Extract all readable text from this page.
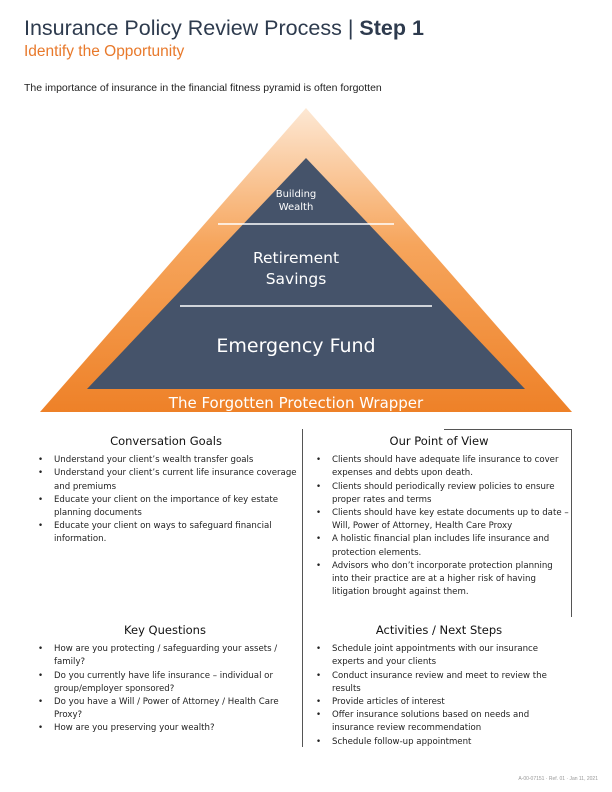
Insurance Policy Review Process | Step 1
Identify the Opportunity
The importance of insurance in the financial fitness pyramid is often forgotten
Building
Wealth
Retirement
Savings
Emergency Fund
The Forgotten Protection Wrapper
Conversation Goals
• Understand your client’s wealth transfer goals
• Understand your client’s current life insurance coverage and premiums
• Educate your client on the importance of key estate planning documents
• Educate your client on ways to safeguard financial information.
Our Point of View
• Clients should have adequate life insurance to cover expenses and debts upon death.
• Clients should periodically review policies to ensure proper rates and terms
• Clients should have key estate documents up to date – Will, Power of Attorney, Health Care Proxy
• A holistic financial plan includes life insurance and protection elements.
• Advisors who don’t incorporate protection planning into their practice are at a higher risk of having litigation brought against them.
Key Questions
• How are you protecting / safeguarding your assets / family?
• Do you currently have life insurance – individual or group/employer sponsored?
• Do you have a Will / Power of Attorney / Health Care Proxy?
• How are you preserving your wealth?
Activities / Next Steps
• Schedule joint appointments with our insurance experts and your clients
• Conduct insurance review and meet to review the results
• Provide articles of interest
• Offer insurance solutions based on needs and insurance review recommendation
• Schedule follow-up appointment
A-00-07151 · Ref. 01 · Jan 11, 2021
